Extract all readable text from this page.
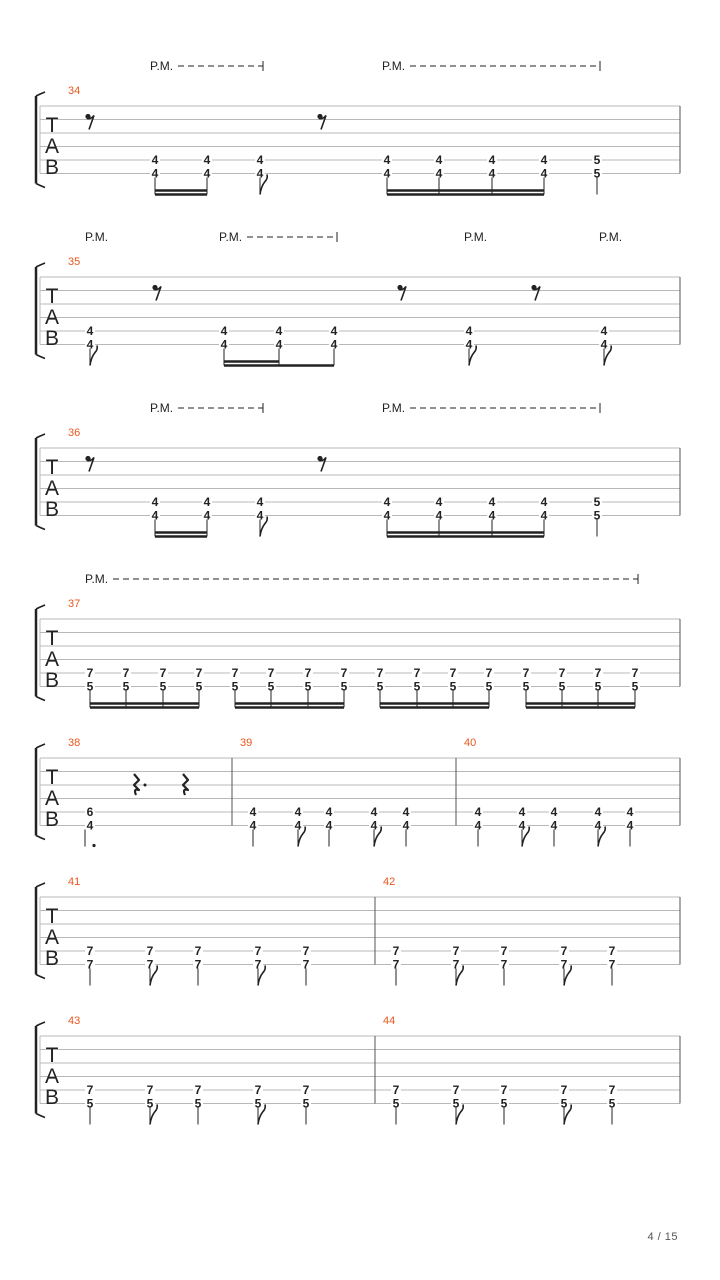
T
A
B
34
4
4
4
4
4
4
4
4
4
4
4
4
4
4
5
5
P.M.	P.M.
T
A
B
35
4
4
4
4
4
4
4
4
4
4
4
4
P.M.	P.M.	P.M.	P.M.
T
A
B
36
4
4
4
4
4
4
4
4
4
4
4
4
4
4
5
5
P.M.	P.M.
T
A
B
37
7
5
7
5
7
5
7
5
7
5
7
5
7
5
7
5
7
5
7
5
7
5
7
5
7
5
7
5
7
5
7
5
P.M.
T
A
B
38
6
4
39
4
4
4
4
4
4
4
4
4
4
40
4
4
4
4
4
4
4
4
4
4
T
A
B
41
7
7
7
7
7
7
7
7
7
7
42
7
7
7
7
7
7
7
7
7
7
T
A
B
43
7
5
7
5
7
5
7
5
7
5
44
7
5
7
5
7
5
7
5
7
5
4 / 15
